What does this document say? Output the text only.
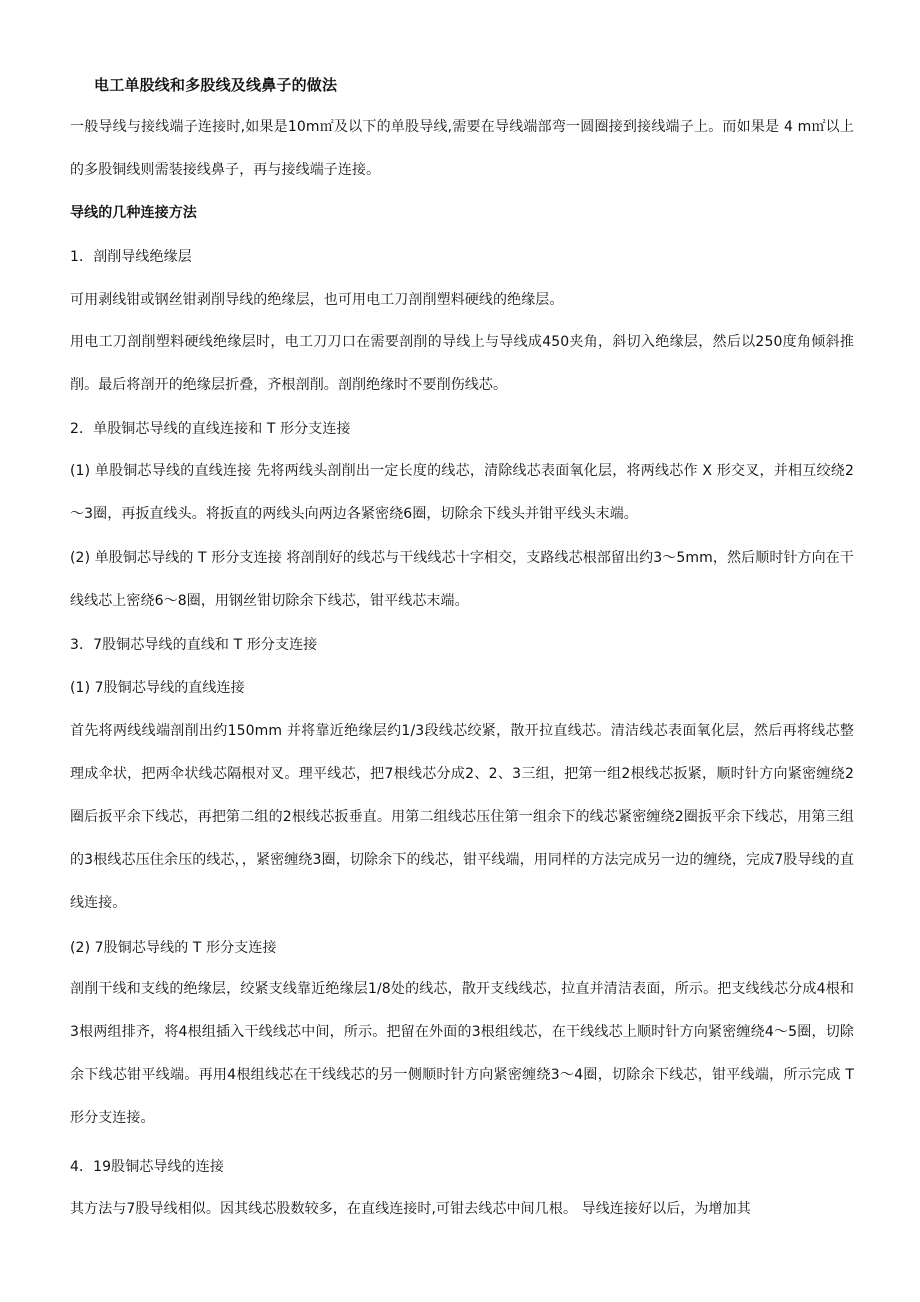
电工单股线和多股线及线鼻子的做法

一般导线与接线端子连接时,如果是10m㎡及以下的单股导线,需要在导线端部弯一圆圈接到接线端子上。而如果是 4 m㎡以上的多股铜线则需装接线鼻子，再与接线端子连接。

导线的几种连接方法

1．剖削导线绝缘层

可用剥线钳或钢丝钳剥削导线的绝缘层，也可用电工刀剖削塑料硬线的绝缘层。

用电工刀剖削塑料硬线绝缘层时，电工刀刀口在需要剖削的导线上与导线成450夹角，斜切入绝缘层，然后以250度角倾斜推削。最后将剖开的绝缘层折叠，齐根剖削。剖削绝缘时不要削伤线芯。

2．单股铜芯导线的直线连接和 T 形分支连接

(1) 单股铜芯导线的直线连接 先将两线头剖削出一定长度的线芯，清除线芯表面氧化层，将两线芯作 X 形交叉，并相互绞绕2～3圈，再扳直线头。将扳直的两线头向两边各紧密绕6圈，切除余下线头并钳平线头末端。

(2) 单股铜芯导线的 T 形分支连接 将剖削好的线芯与干线线芯十字相交，支路线芯根部留出约3～5mm，然后顺时针方向在干线线芯上密绕6～8圈，用钢丝钳切除余下线芯，钳平线芯末端。

3．7股铜芯导线的直线和 T 形分支连接

(1) 7股铜芯导线的直线连接

首先将两线线端剖削出约150mm 并将靠近绝缘层约1/3段线芯绞紧，散开拉直线芯。清洁线芯表面氧化层，然后再将线芯整理成伞状，把两伞状线芯隔根对叉。理平线芯，把7根线芯分成2、2、3三组，把第一组2根线芯扳紧，顺时针方向紧密缠绕2圈后扳平余下线芯，再把第二组的2根线芯扳垂直。用第二组线芯压住第一组余下的线芯紧密缠绕2圈扳平余下线芯，用第三组的3根线芯压住余压的线芯，，紧密缠绕3圈，切除余下的线芯，钳平线端，用同样的方法完成另一边的缠绕，完成7股导线的直线连接。

(2) 7股铜芯导线的 T 形分支连接

剖削干线和支线的绝缘层，绞紧支线靠近绝缘层1/8处的线芯，散开支线线芯，拉直并清洁表面，所示。把支线线芯分成4根和3根两组排齐，将4根组插入干线线芯中间，所示。把留在外面的3根组线芯，在干线线芯上顺时针方向紧密缠绕4～5圈，切除余下线芯钳平线端。再用4根组线芯在干线线芯的另一侧顺时针方向紧密缠绕3～4圈，切除余下线芯，钳平线端，所示完成 T 形分支连接。

4．19股铜芯导线的连接

其方法与7股导线相似。因其线芯股数较多，在直线连接时,可钳去线芯中间几根。 导线连接好以后，为增加其
